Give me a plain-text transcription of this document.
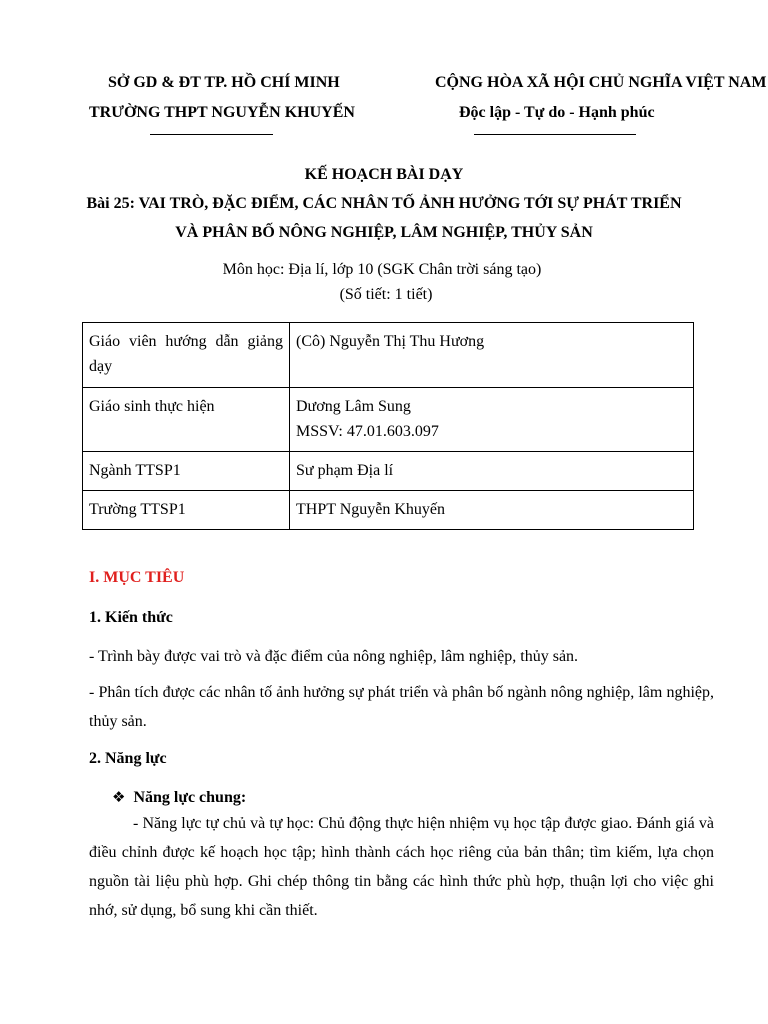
SỞ GD & ĐT TP. HỒ CHÍ MINH
TRƯỜNG THPT NGUYỄN KHUYẾN
CỘNG HÒA XÃ HỘI CHỦ NGHĨA VIỆT NAM
Độc lập - Tự do - Hạnh phúc
KẾ HOẠCH BÀI DẠY
Bài 25: VAI TRÒ, ĐẶC ĐIỂM, CÁC NHÂN TỐ ẢNH HƯỞNG TỚI SỰ PHÁT TRIỂN
VÀ PHÂN BỐ NÔNG NGHIỆP, LÂM NGHIỆP, THỦY SẢN
Môn học: Địa lí, lớp 10 (SGK Chân trời sáng tạo)
(Số tiết: 1 tiết)
Giáo viên hướng dẫn giảng dạy	(Cô) Nguyễn Thị Thu Hương
Giáo sinh thực hiện	Dương Lâm Sung
MSSV: 47.01.603.097

Ngành TTSP1	Sư phạm Địa lí
Trường TTSP1	THPT Nguyễn Khuyến
I. MỤC TIÊU
1. Kiến thức
- Trình bày được vai trò và đặc điểm của nông nghiệp, lâm nghiệp, thủy sản.
- Phân tích được các nhân tố ảnh hưởng sự phát triển và phân bố ngành nông nghiệp, lâm nghiệp, thủy sản.
2. Năng lực
❖ Năng lực chung:
- Năng lực tự chủ và tự học: Chủ động thực hiện nhiệm vụ học tập được giao. Đánh giá và điều chỉnh được kế hoạch học tập; hình thành cách học riêng của bản thân; tìm kiếm, lựa chọn nguồn tài liệu phù hợp. Ghi chép thông tin bằng các hình thức phù hợp, thuận lợi cho việc ghi nhớ, sử dụng, bổ sung khi cần thiết.
